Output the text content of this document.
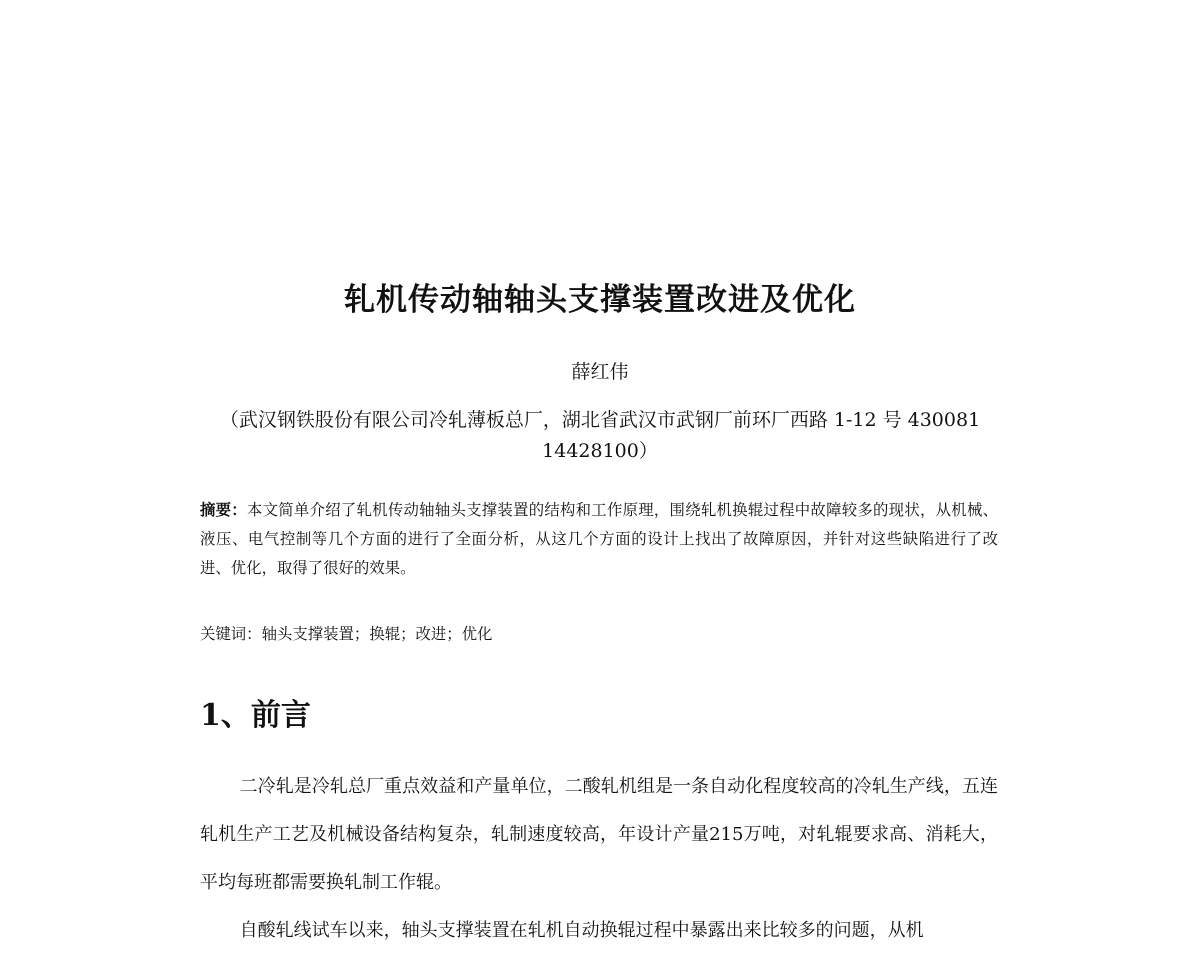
轧机传动轴轴头支撑装置改进及优化
薛红伟
（武汉钢铁股份有限公司冷轧薄板总厂，湖北省武汉市武钢厂前环厂西路 1-12 号 430081 14428100）
摘要：本文简单介绍了轧机传动轴轴头支撑装置的结构和工作原理，围绕轧机换辊过程中故障较多的现状，从机械、液压、电气控制等几个方面的进行了全面分析，从这几个方面的设计上找出了故障原因，并针对这些缺陷进行了改进、优化，取得了很好的效果。
关键词：轴头支撑装置；换辊；改进；优化
1、前言

二冷轧是冷轧总厂重点效益和产量单位，二酸轧机组是一条自动化程度较高的冷轧生产线，五连轧机生产工艺及机械设备结构复杂，轧制速度较高，年设计产量215万吨，对轧辊要求高、消耗大，平均每班都需要换轧制工作辊。

自酸轧线试车以来，轴头支撑装置在轧机自动换辊过程中暴露出来比较多的问题，从机
